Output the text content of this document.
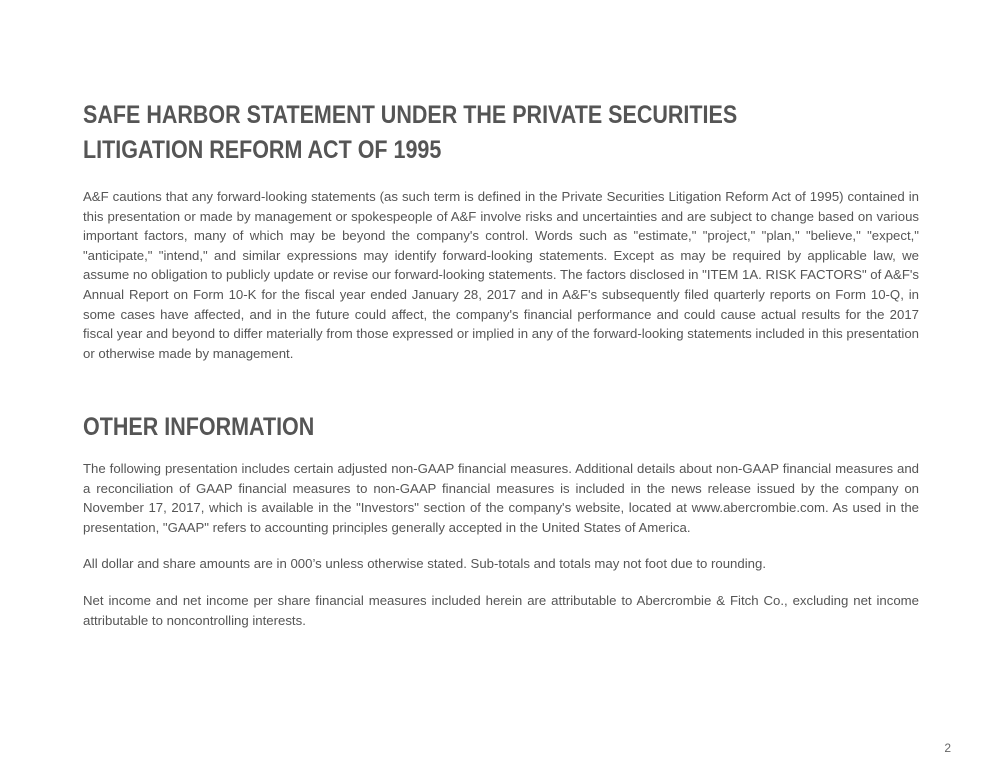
SAFE HARBOR STATEMENT UNDER THE PRIVATE SECURITIES
LITIGATION REFORM ACT OF 1995

A&F cautions that any forward-looking statements (as such term is defined in the Private Securities Litigation Reform Act of 1995) contained in this presentation or made by management or spokespeople of A&F involve risks and uncertainties and are subject to change based on various important factors, many of which may be beyond the company's control. Words such as "estimate," "project," "plan," "believe," "expect," "anticipate," "intend," and similar expressions may identify forward-looking statements. Except as may be required by applicable law, we assume no obligation to publicly update or revise our forward-looking statements. The factors disclosed in "ITEM 1A. RISK FACTORS" of A&F's Annual Report on Form 10-K for the fiscal year ended January 28, 2017 and in A&F's subsequently filed quarterly reports on Form 10-Q, in some cases have affected, and in the future could affect, the company's financial performance and could cause actual results for the 2017 fiscal year and beyond to differ materially from those expressed or implied in any of the forward-looking statements included in this presentation or otherwise made by management.

OTHER INFORMATION

The following presentation includes certain adjusted non-GAAP financial measures. Additional details about non-GAAP financial measures and a reconciliation of GAAP financial measures to non-GAAP financial measures is included in the news release issued by the company on November 17, 2017, which is available in the "Investors" section of the company's website, located at www.abercrombie.com. As used in the presentation, "GAAP" refers to accounting principles generally accepted in the United States of America.

All dollar and share amounts are in 000’s unless otherwise stated. Sub-totals and totals may not foot due to rounding.

Net income and net income per share financial measures included herein are attributable to Abercrombie & Fitch Co., excluding net income attributable to noncontrolling interests.

2
